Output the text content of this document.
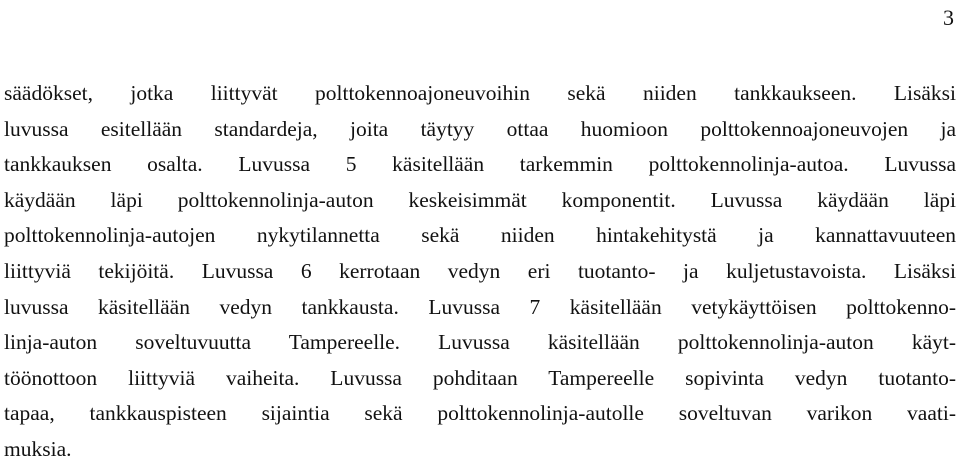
3

säädökset, jotka liittyvät polttokennoajoneuvoihin sekä niiden tankkaukseen. Lisäksi
luvussa esitellään standardeja, joita täytyy ottaa huomioon polttokennoajoneuvojen ja
tankkauksen osalta. Luvussa 5 käsitellään tarkemmin polttokennolinja-autoa. Luvussa
käydään läpi polttokennolinja-auton keskeisimmät komponentit. Luvussa käydään läpi
polttokennolinja-autojen nykytilannetta sekä niiden hintakehitystä ja kannattavuuteen
liittyviä tekijöitä. Luvussa 6 kerrotaan vedyn eri tuotanto- ja kuljetustavoista. Lisäksi
luvussa käsitellään vedyn tankkausta. Luvussa 7 käsitellään vetykäyttöisen polttokenno-
linja-auton soveltuvuutta Tampereelle. Luvussa käsitellään polttokennolinja-auton käyt-
töönottoon liittyviä vaiheita. Luvussa pohditaan Tampereelle sopivinta vedyn tuotanto-
tapaa, tankkauspisteen sijaintia sekä polttokennolinja-autolle soveltuvan varikon vaati-
muksia.
